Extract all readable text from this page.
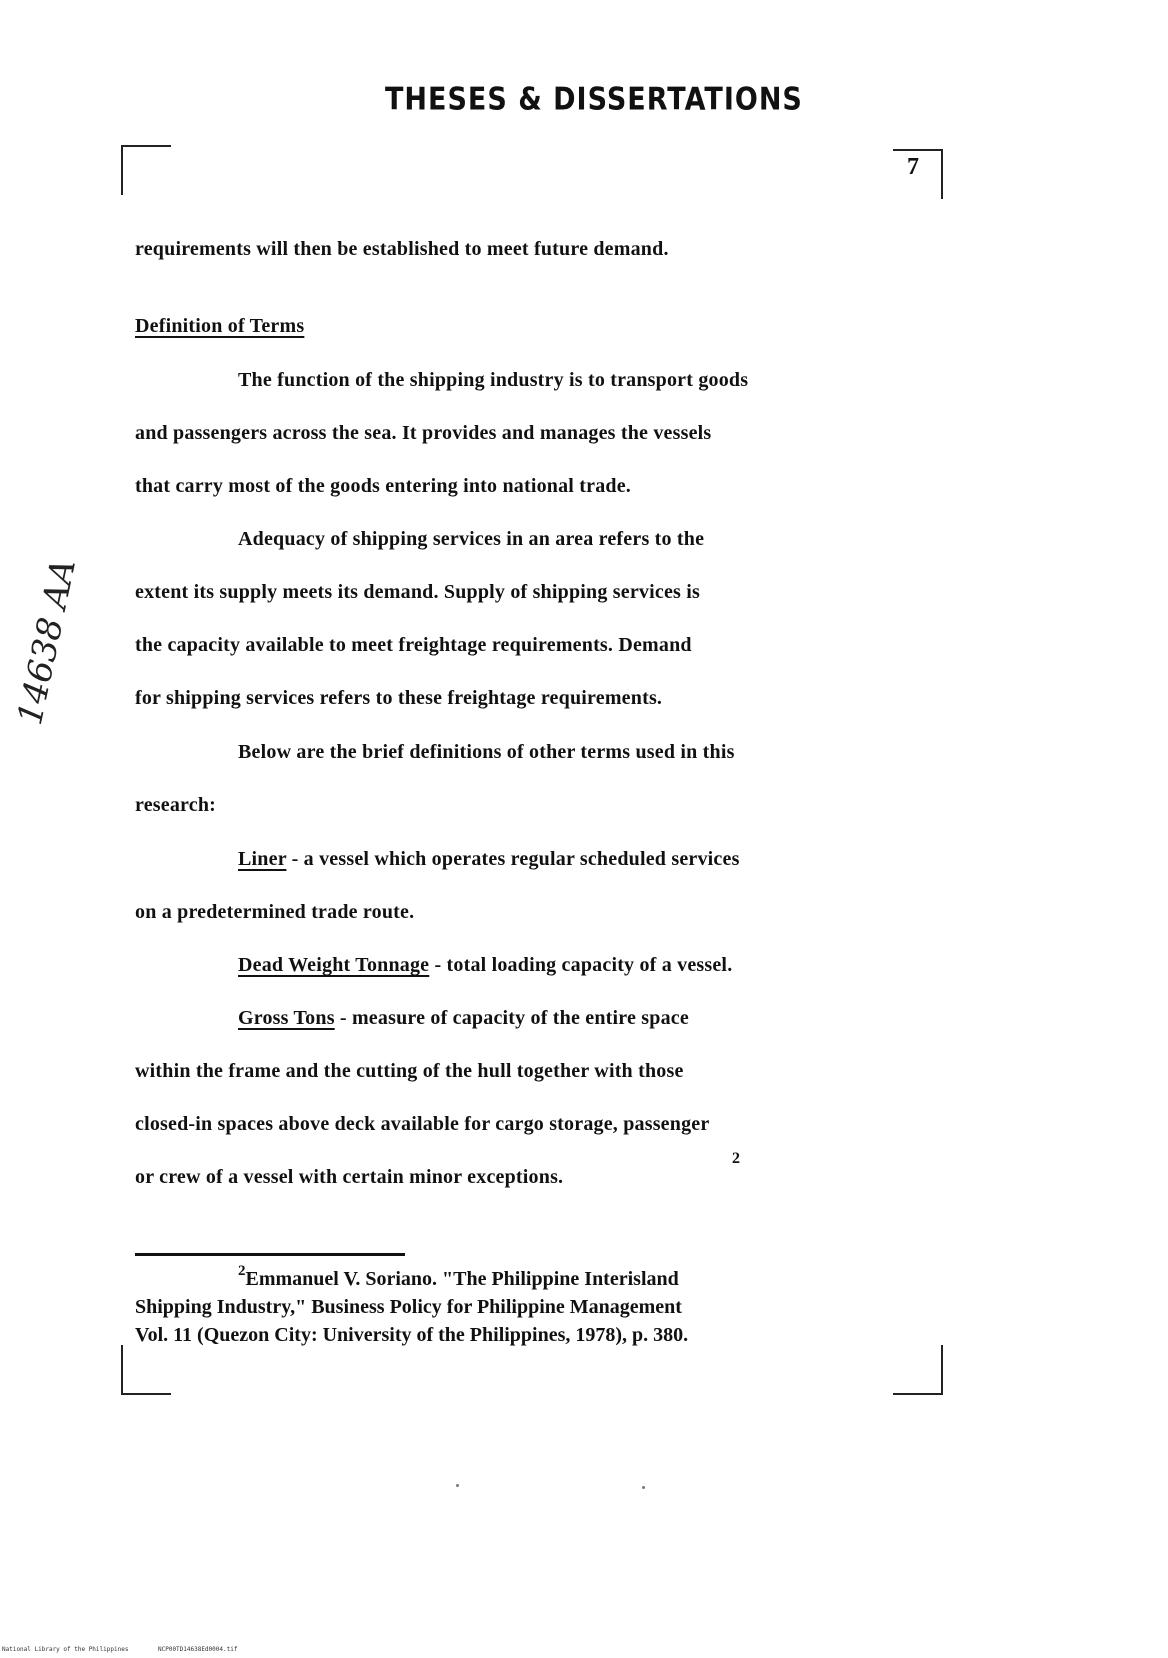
THESES & DISSERTATIONS
7
requirements will then be established to meet future demand.
Definition of Terms
The function of the shipping industry is to transport goods
and passengers across the sea. It provides and manages the vessels
that carry most of the goods entering into national trade.
Adequacy of shipping services in an area refers to the
extent its supply meets its demand. Supply of shipping services is
the capacity available to meet freightage requirements. Demand
for shipping services refers to these freightage requirements.
Below are the brief definitions of other terms used in this
research:
Liner - a vessel which operates regular scheduled services
on a predetermined trade route.
Dead Weight Tonnage - total loading capacity of a vessel.
Gross Tons - measure of capacity of the entire space
within the frame and the cutting of the hull together with those
closed-in spaces above deck available for cargo storage, passenger
or crew of a vessel with certain minor exceptions.
2
$^2$Emmanuel V. Soriano. "The Philippine Interisland
Shipping Industry," Business Policy for Philippine Management
Vol. 11 (Quezon City: University of the Philippines, 1978), p. 380.
14638 AA
National Library of the Philippines	NCP00TD14638Ed0004.tif
